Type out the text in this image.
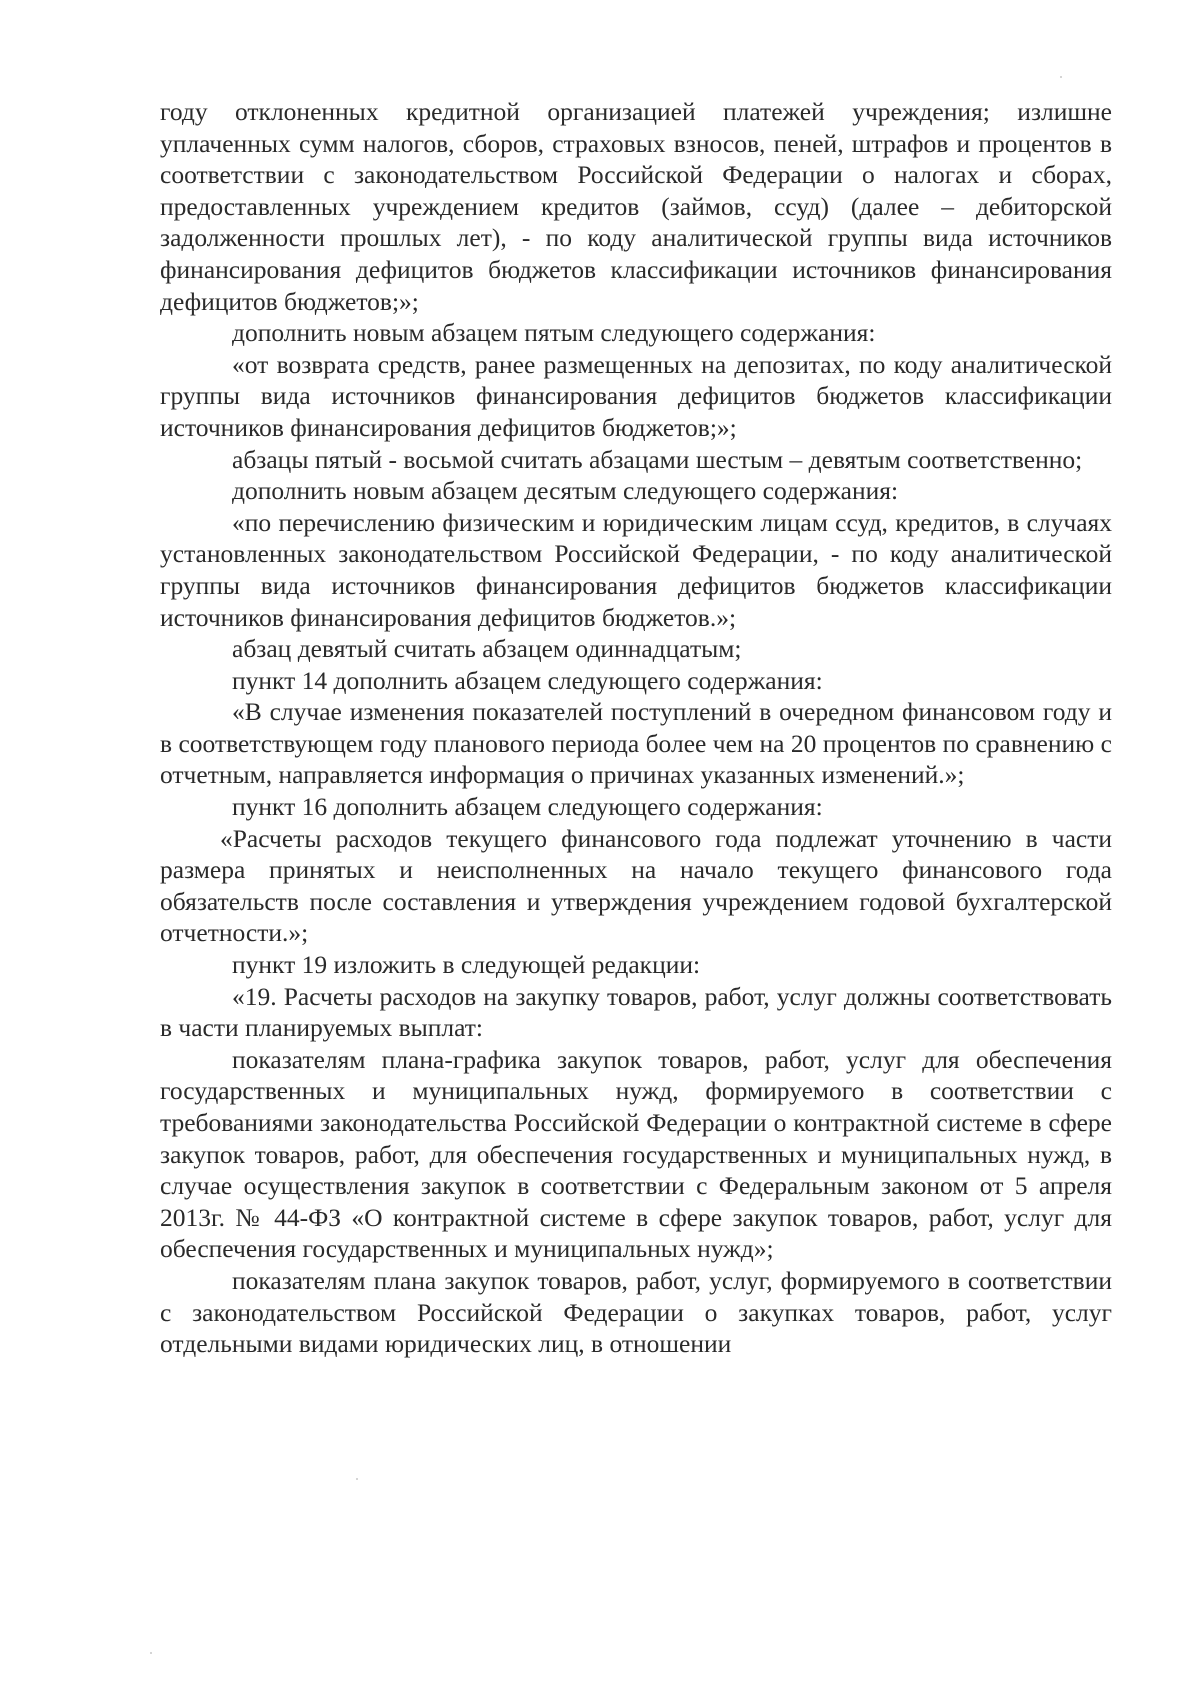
году отклоненных кредитной организацией платежей учреждения; излишне уплаченных сумм налогов, сборов, страховых взносов, пеней, штрафов и процентов в соответствии с законодательством Российской Федерации о налогах и сборах, предоставленных учреждением кредитов (займов, ссуд) (далее – дебиторской задолженности прошлых лет), - по коду аналитической группы вида источников финансирования дефицитов бюджетов классификации источников финансирования дефицитов бюджетов;»;

дополнить новым абзацем пятым следующего содержания:

«от возврата средств, ранее размещенных на депозитах, по коду аналитической группы вида источников финансирования дефицитов бюджетов классификации источников финансирования дефицитов бюджетов;»;

абзацы пятый - восьмой считать абзацами шестым – девятым соответственно;

дополнить новым абзацем десятым следующего содержания:

«по перечислению физическим и юридическим лицам ссуд, кредитов, в случаях установленных законодательством Российской Федерации, - по коду аналитической группы вида источников финансирования дефицитов бюджетов классификации источников финансирования дефицитов бюджетов.»;

абзац девятый считать абзацем одиннадцатым;

пункт 14 дополнить абзацем следующего содержания:

«В случае изменения показателей поступлений в очередном финансовом году и в соответствующем году планового периода более чем на 20 процентов по сравнению с отчетным, направляется информация о причинах указанных изменений.»;

пункт 16 дополнить абзацем следующего содержания:

«Расчеты расходов текущего финансового года подлежат уточнению в части размера принятых и неисполненных на начало текущего финансового года обязательств после составления и утверждения учреждением годовой бухгалтерской отчетности.»;

пункт 19 изложить в следующей редакции:

«19. Расчеты расходов на закупку товаров, работ, услуг должны соответствовать в части планируемых выплат:

показателям плана-графика закупок товаров, работ, услуг для обеспечения государственных и муниципальных нужд, формируемого в соответствии с требованиями законодательства Российской Федерации о контрактной системе в сфере закупок товаров, работ, для обеспечения государственных и муниципальных нужд, в случае осуществления закупок в соответствии с Федеральным законом от 5 апреля 2013г. № 44-ФЗ «О контрактной системе в сфере закупок товаров, работ, услуг для обеспечения государственных и муниципальных нужд»;

показателям плана закупок товаров, работ, услуг, формируемого в соответствии с законодательством Российской Федерации о закупках товаров, работ, услуг отдельными видами юридических лиц, в отношении
